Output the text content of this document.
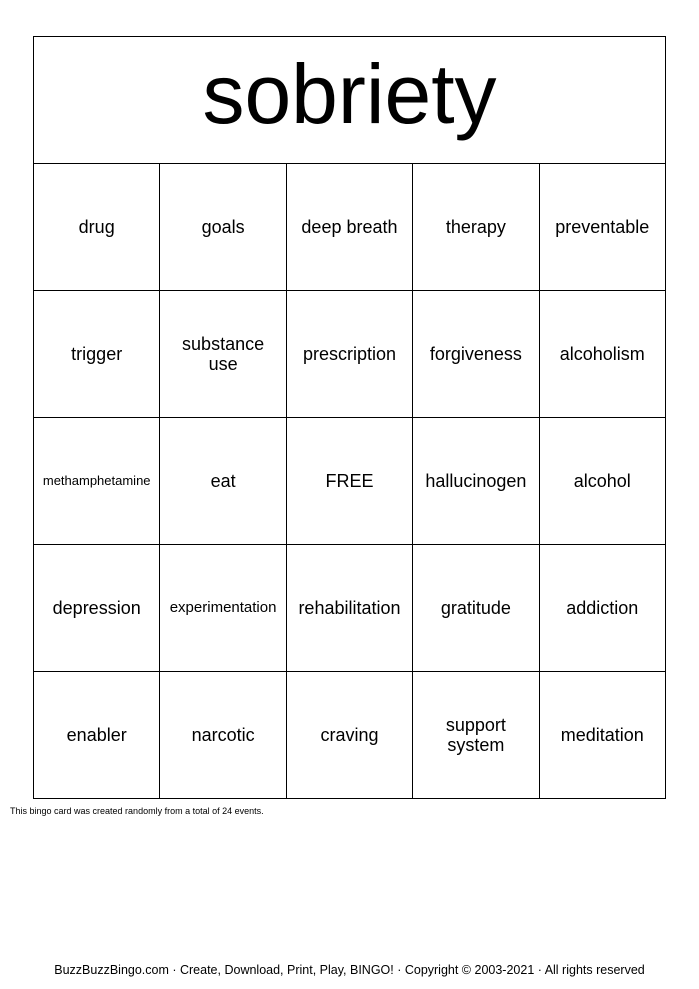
sobriety				
drug	goals	deep breath	therapy	preventable
trigger	substance use	prescription	forgiveness	alcoholism
methamphetamine	eat	FREE	hallucinogen	alcohol
depression	experimentation	rehabilitation	gratitude	addiction
enabler	narcotic	craving	support system	meditation
This bingo card was created randomly from a total of 24 events.
BuzzBuzzBingo.com · Create, Download, Print, Play, BINGO! · Copyright © 2003-2021 · All rights reserved
